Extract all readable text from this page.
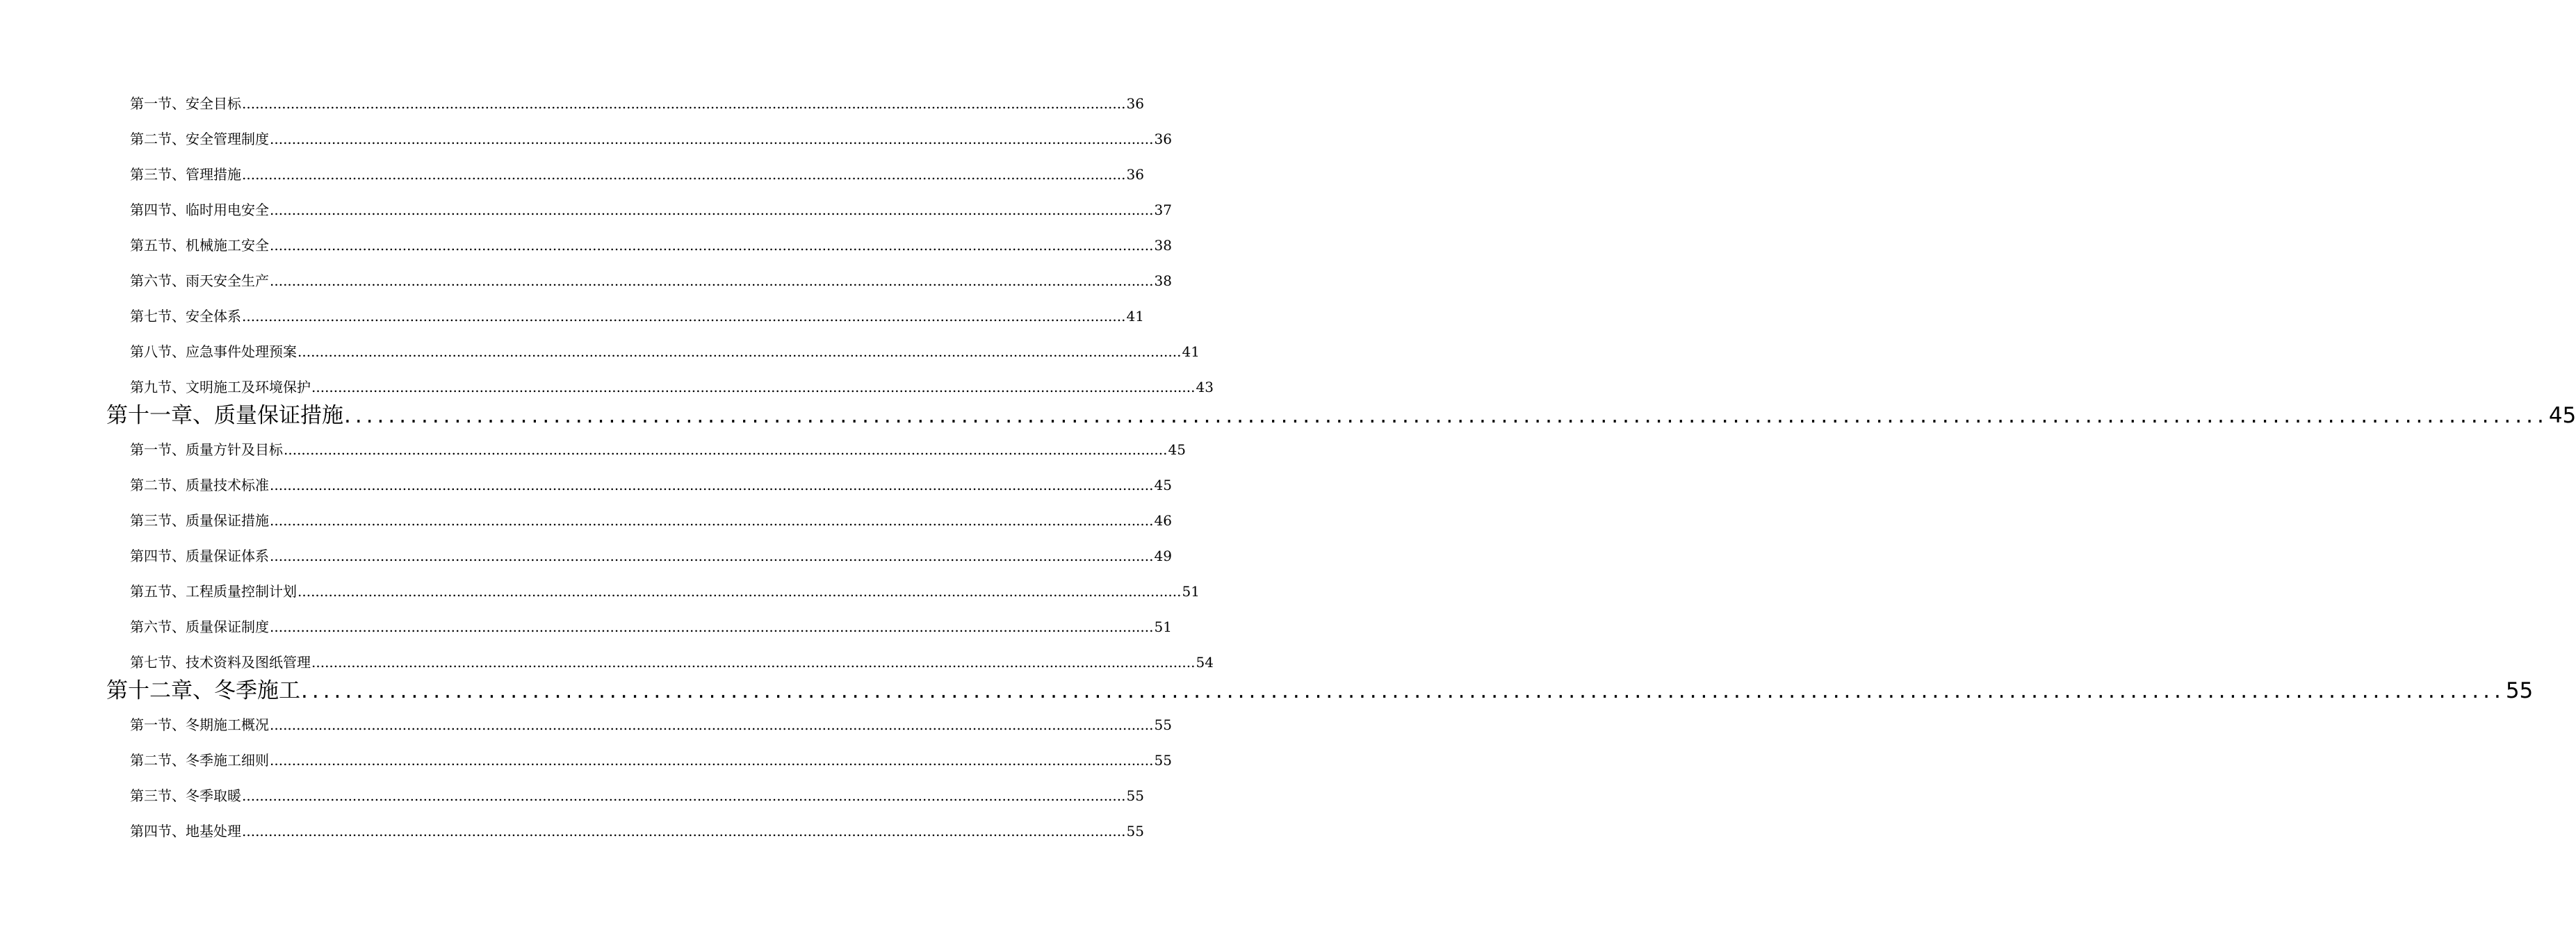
第一节、安全目标 ........................................................................................................................................................................................................ 36
第二节、安全管理制度 ........................................................................................................................................................................................................ 36
第三节、管理措施 ........................................................................................................................................................................................................ 36
第四节、临时用电安全 ........................................................................................................................................................................................................ 37
第五节、机械施工安全 ........................................................................................................................................................................................................ 38
第六节、雨天安全生产 ........................................................................................................................................................................................................ 38
第七节、安全体系 ........................................................................................................................................................................................................ 41
第八节、应急事件处理预案 ........................................................................................................................................................................................................ 41
第九节、文明施工及环境保护 ........................................................................................................................................................................................................ 43
第十一章、质量保证措施 ........................................................................................................................................................................................................ 45
第一节、质量方针及目标 ........................................................................................................................................................................................................ 45
第二节、质量技术标准 ........................................................................................................................................................................................................ 45
第三节、质量保证措施 ........................................................................................................................................................................................................ 46
第四节、质量保证体系 ........................................................................................................................................................................................................ 49
第五节、工程质量控制计划 ........................................................................................................................................................................................................ 51
第六节、质量保证制度 ........................................................................................................................................................................................................ 51
第七节、技术资料及图纸管理 ........................................................................................................................................................................................................ 54
第十二章、冬季施工 ........................................................................................................................................................................................................ 55
第一节、冬期施工概况 ........................................................................................................................................................................................................ 55
第二节、冬季施工细则 ........................................................................................................................................................................................................ 55
第三节、冬季取暖 ........................................................................................................................................................................................................ 55
第四节、地基处理 ........................................................................................................................................................................................................ 55
